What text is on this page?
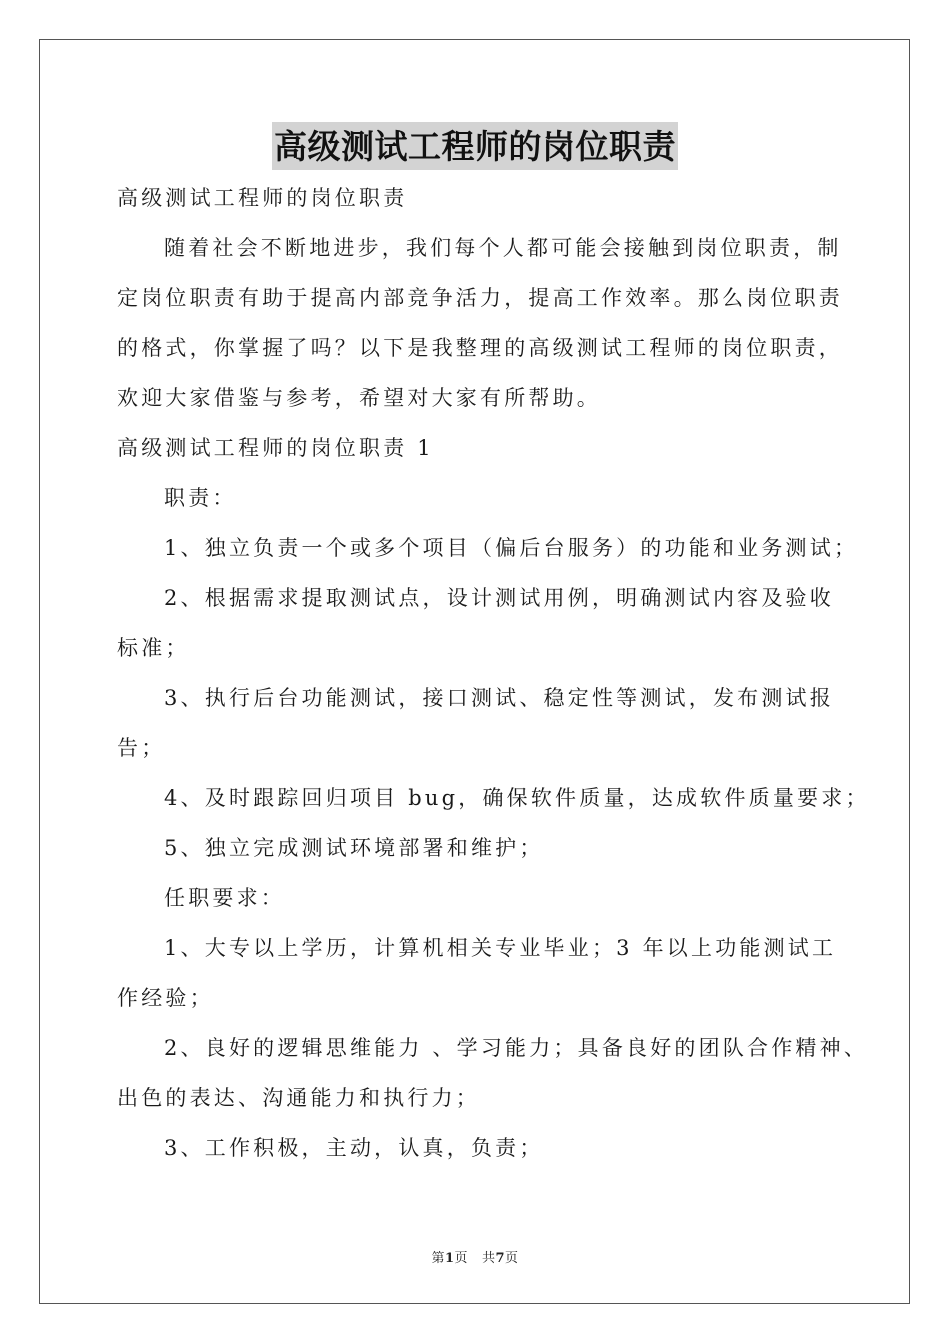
高级测试工程师的岗位职责
高级测试工程师的岗位职责
随着社会不断地进步，我们每个人都可能会接触到岗位职责，制
定岗位职责有助于提高内部竞争活力，提高工作效率。那么岗位职责
的格式，你掌握了吗？以下是我整理的高级测试工程师的岗位职责，
欢迎大家借鉴与参考，希望对大家有所帮助。
高级测试工程师的岗位职责 1
职责：
1、独立负责一个或多个项目（偏后台服务）的功能和业务测试；
2、根据需求提取测试点，设计测试用例，明确测试内容及验收
标准；
3、执行后台功能测试，接口测试、稳定性等测试，发布测试报
告；
4、及时跟踪回归项目 bug，确保软件质量，达成软件质量要求；
5、独立完成测试环境部署和维护；
任职要求：
1、大专以上学历，计算机相关专业毕业；3 年以上功能测试工
作经验；
2、良好的逻辑思维能力 、学习能力；具备良好的团队合作精神、
出色的表达、沟通能力和执行力；
3、工作积极，主动，认真，负责；
第1页   共7页
